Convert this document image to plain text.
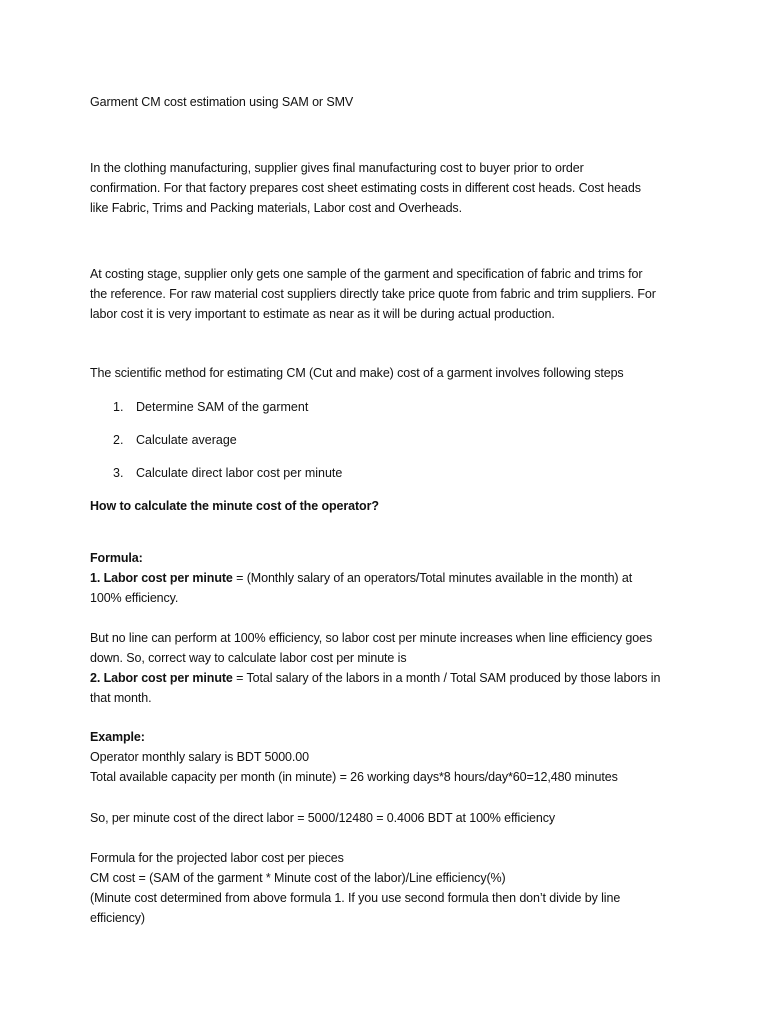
Garment CM cost estimation using SAM or SMV
In the clothing manufacturing, supplier gives final manufacturing cost to buyer prior to order
confirmation. For that factory prepares cost sheet estimating costs in different cost heads. Cost heads
like Fabric, Trims and Packing materials, Labor cost and Overheads.
At costing stage, supplier only gets one sample of the garment and specification of fabric and trims for
the reference. For raw material cost suppliers directly take price quote from fabric and trim suppliers. For
labor cost it is very important to estimate as near as it will be during actual production.
The scientific method for estimating CM (Cut and make) cost of a garment involves following steps
1. Determine SAM of the garment
2. Calculate average
3. Calculate direct labor cost per minute
How to calculate the minute cost of the operator?
Formula:
1. Labor cost per minute = (Monthly salary of an operators/Total minutes available in the month) at
100% efficiency.
But no line can perform at 100% efficiency, so labor cost per minute increases when line efficiency goes
down. So, correct way to calculate labor cost per minute is
2. Labor cost per minute = Total salary of the labors in a month / Total SAM produced by those labors in
that month.
Example:
Operator monthly salary is BDT 5000.00
Total available capacity per month (in minute) = 26 working days*8 hours/day*60=12,480 minutes
So, per minute cost of the direct labor = 5000/12480 = 0.4006 BDT at 100% efficiency
Formula for the projected labor cost per pieces
CM cost = (SAM of the garment * Minute cost of the labor)/Line efficiency(%)
(Minute cost determined from above formula 1. If you use second formula then don’t divide by line
efficiency)
